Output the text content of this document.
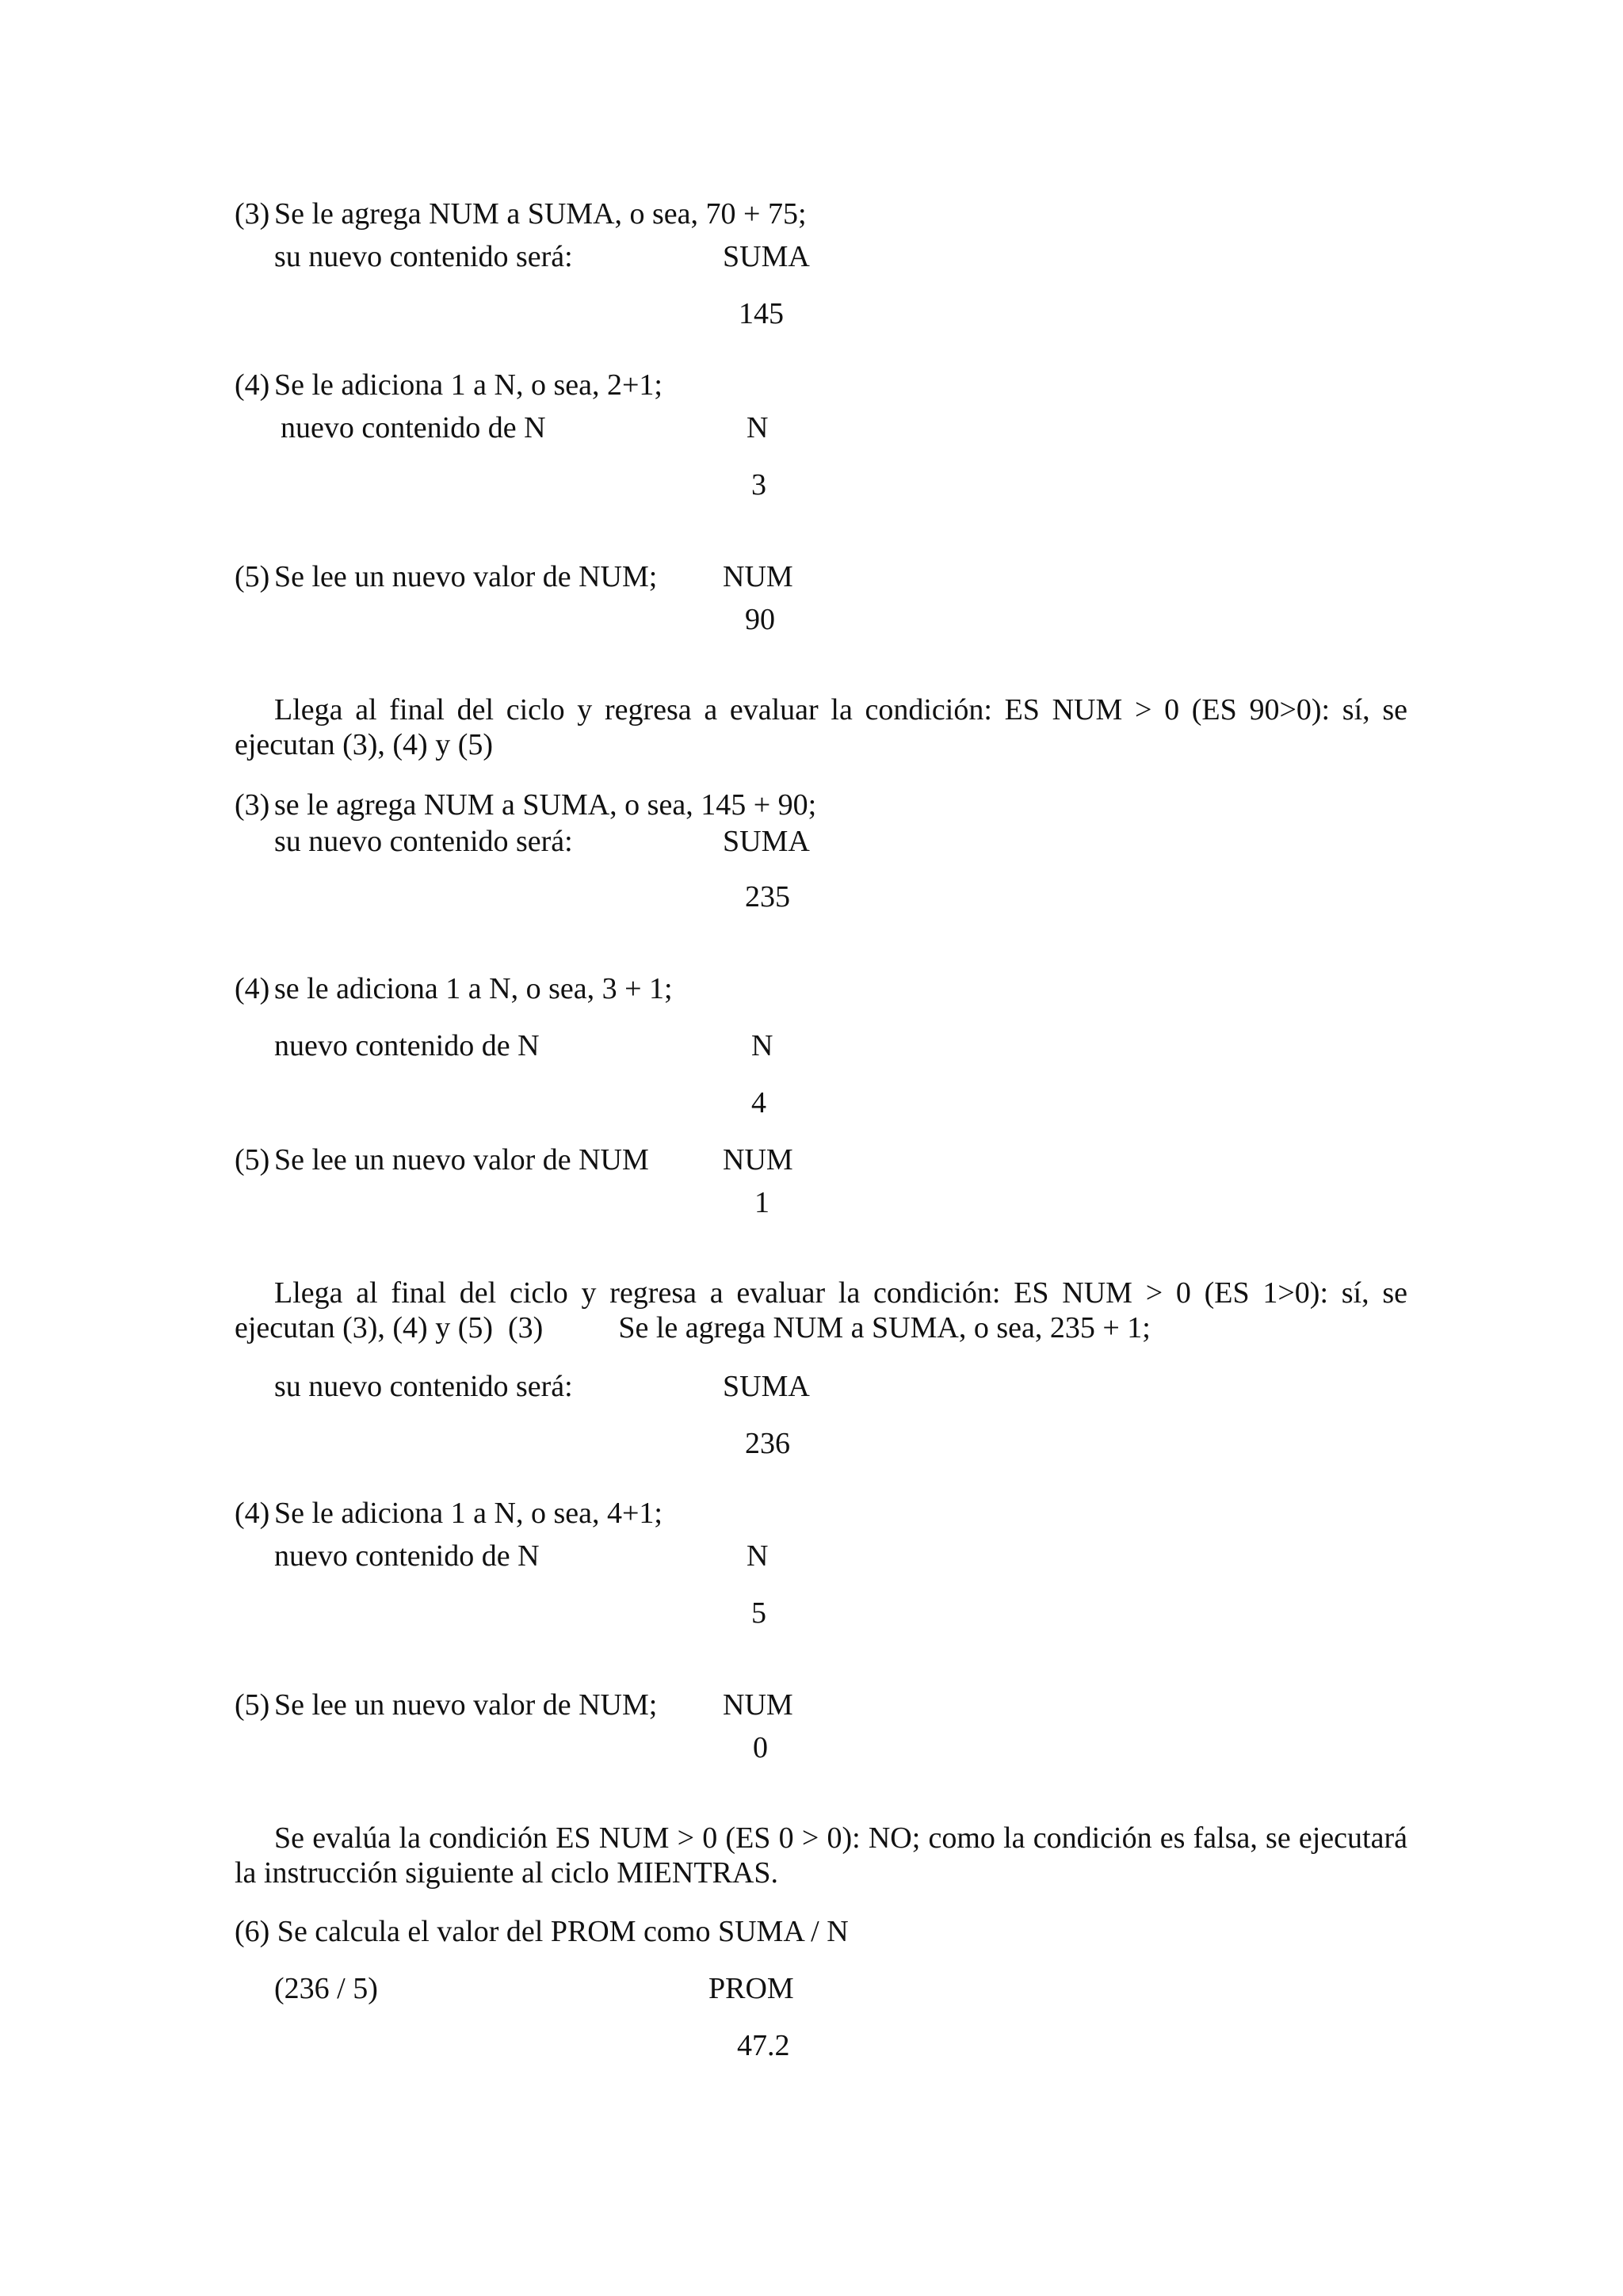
(3) Se le agrega NUM a SUMA, o sea, 70 + 75;
su nuevo contenido será:	SUMA
145
(4) Se le adiciona 1 a N, o sea, 2+1;
nuevo contenido de N	N
3
(5) Se lee un nuevo valor de NUM; NUM
90
Llega al final del ciclo y regresa a evaluar la condición: ES NUM > 0 (ES 90>0): sí, se ejecutan (3), (4) y (5)
(3) se le agrega NUM a SUMA, o sea, 145 + 90;
su nuevo contenido será:	SUMA
235
(4) se le adiciona 1 a N, o sea, 3 + 1;
nuevo contenido de N	N
4
(5) Se lee un nuevo valor de NUM NUM
1
Llega al final del ciclo y regresa a evaluar la condición: ES NUM > 0 (ES 1>0): sí, se ejecutan (3), (4) y (5)  (3)          Se le agrega NUM a SUMA, o sea, 235 + 1;
su nuevo contenido será:	SUMA
236
(4) Se le adiciona 1 a N, o sea, 4+1;
nuevo contenido de N	N
5
(5) Se lee un nuevo valor de NUM; NUM
0
Se evalúa la condición ES NUM > 0 (ES 0 > 0): NO; como la condición es falsa, se ejecutará la instrucción siguiente al ciclo MIENTRAS.
(6) Se calcula el valor del PROM como SUMA / N
(236 / 5)	PROM
47.2
